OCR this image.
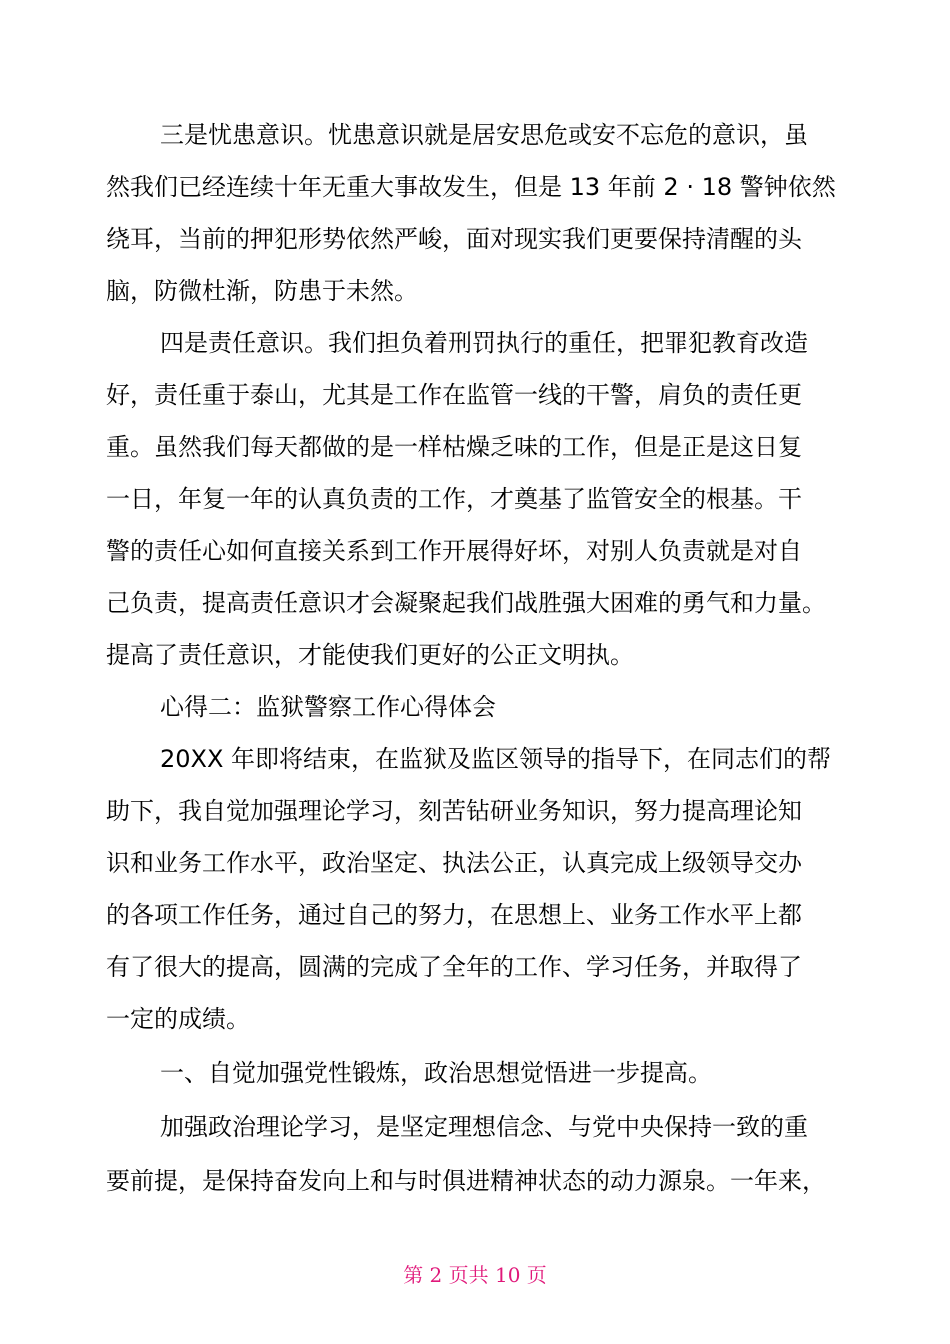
三是忧患意识。忧患意识就是居安思危或安不忘危的意识，虽
然我们已经连续十年无重大事故发生，但是 13 年前 2 · 18 警钟依然
绕耳，当前的押犯形势依然严峻，面对现实我们更要保持清醒的头
脑，防微杜渐，防患于未然。
四是责任意识。我们担负着刑罚执行的重任，把罪犯教育改造
好，责任重于泰山，尤其是工作在监管一线的干警，肩负的责任更
重。虽然我们每天都做的是一样枯燥乏味的工作，但是正是这日复
一日，年复一年的认真负责的工作，才奠基了监管安全的根基。干
警的责任心如何直接关系到工作开展得好坏，对别人负责就是对自
己负责，提高责任意识才会凝聚起我们战胜强大困难的勇气和力量。
提高了责任意识，才能使我们更好的公正文明执。
心得二：监狱警察工作心得体会
20XX 年即将结束，在监狱及监区领导的指导下，在同志们的帮
助下，我自觉加强理论学习，刻苦钻研业务知识，努力提高理论知
识和业务工作水平，政治坚定、执法公正，认真完成上级领导交办
的各项工作任务，通过自己的努力，在思想上、业务工作水平上都
有了很大的提高，圆满的完成了全年的工作、学习任务，并取得了
一定的成绩。
一、自觉加强党性锻炼，政治思想觉悟进一步提高。
加强政治理论学习，是坚定理想信念、与党中央保持一致的重
要前提，是保持奋发向上和与时俱进精神状态的动力源泉。一年来，
第 2 页共 10 页
